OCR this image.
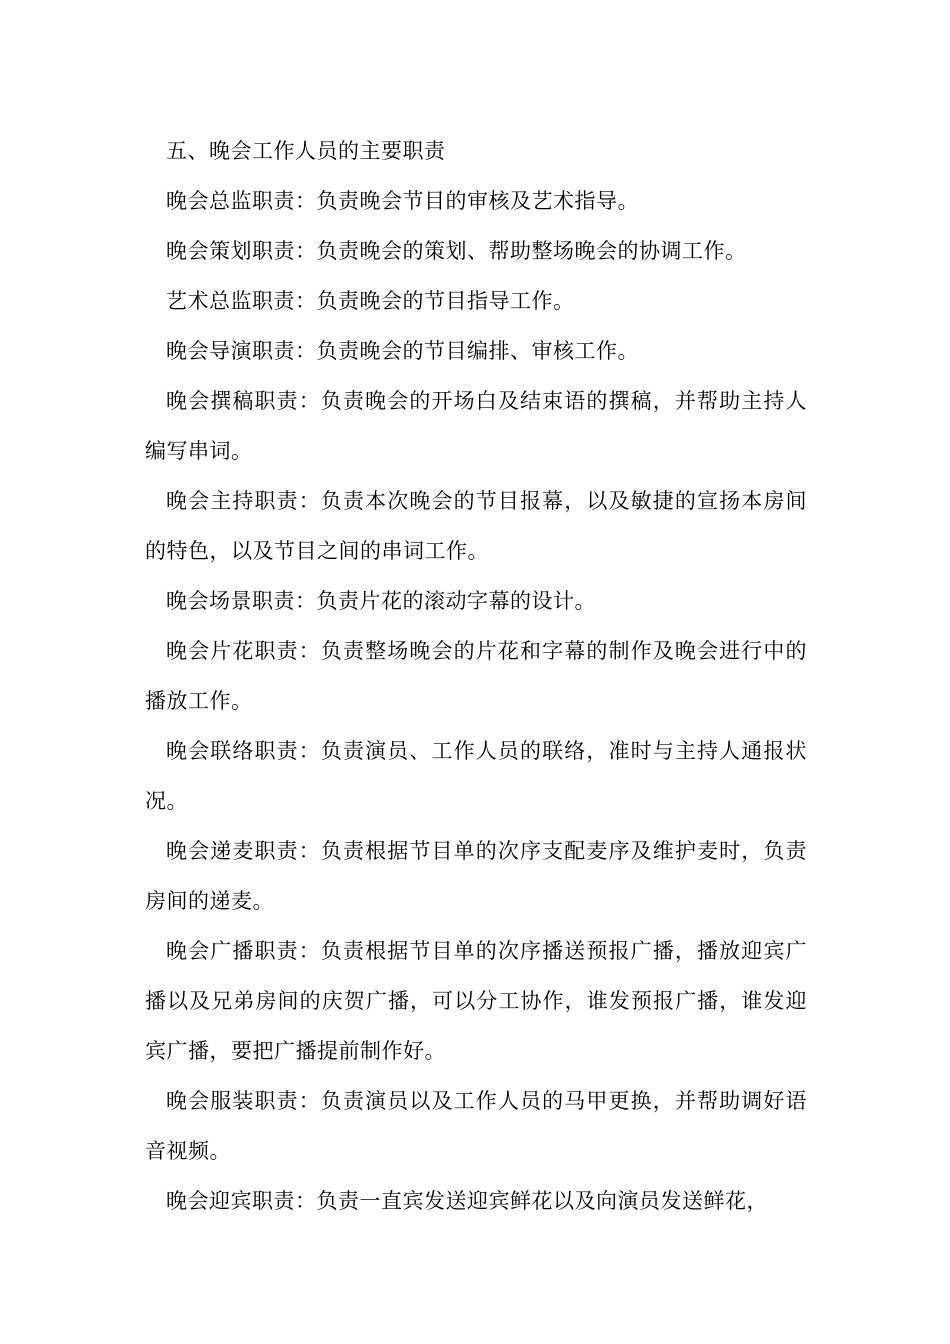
五、晚会工作人员的主要职责

晚会总监职责：负责晚会节目的审核及艺术指导。

晚会策划职责：负责晚会的策划、帮助整场晚会的协调工作。

艺术总监职责：负责晚会的节目指导工作。

晚会导演职责：负责晚会的节目编排、审核工作。

晚会撰稿职责：负责晚会的开场白及结束语的撰稿，并帮助主持人编写串词。

晚会主持职责：负责本次晚会的节目报幕，以及敏捷的宣扬本房间的特色，以及节目之间的串词工作。

晚会场景职责：负责片花的滚动字幕的设计。

晚会片花职责：负责整场晚会的片花和字幕的制作及晚会进行中的播放工作。

晚会联络职责：负责演员、工作人员的联络，准时与主持人通报状况。

晚会递麦职责：负责根据节目单的次序支配麦序及维护麦时，负责房间的递麦。

晚会广播职责：负责根据节目单的次序播送预报广播，播放迎宾广播以及兄弟房间的庆贺广播，可以分工协作，谁发预报广播，谁发迎宾广播，要把广播提前制作好。

晚会服装职责：负责演员以及工作人员的马甲更换，并帮助调好语音视频。

晚会迎宾职责：负责一直宾发送迎宾鲜花以及向演员发送鲜花，
